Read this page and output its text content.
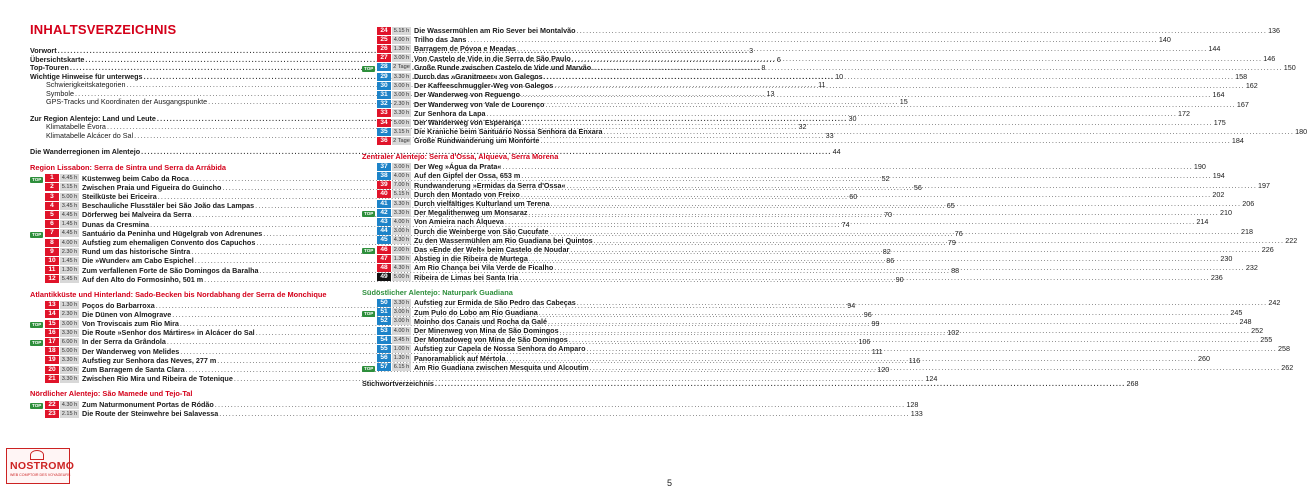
INHALTSVERZEICHNIS
Vorwort .....	3
Übersichtskarte .....	6
Top-Touren .....	8
Wichtige Hinweise für unterwegs .....	10
Schwierigkeitskategorien .....	11
Symbole .....	13
GPS-Tracks und Koordinaten der Ausgangspunkte .....	15
Zur Region Alentejo: Land und Leute .....	30
Klimatabelle Évora .....	32
Klimatabelle Alcácer do Sal .....	33
Die Wanderregionen im Alentejo .....	44
Region Lissabon: Serra de Sintra und Serra da Arrábida
TOP	1	4.45 h Küstenweg beim Cabo da Roca .....	52
2	5.15 h Zwischen Praia und Figueira do Guincho .....	56
3	5.00 h Steilküste bei Ericeira .....	60
4	3.45 h Beschauliche Flusstäler bei São João das Lampas .....	65
5	4.45 h Dörferweg bei Malveira da Serra .....	70
6	1.45 h Dunas da Cresmina .....	74
TOP	7	4.45 h Santuário da Peninha und Hügelgrab von Adrenunes .....	76
8	4.00 h Aufstieg zum ehemaligen Convento dos Capuchos .....	79
9	2.30 h Rund um das historische Sintra .....	82
10	1.45 h Die »Wunder« am Cabo Espichel .....	86
11	1.30 h Zum verfallenen Forte de São Domingos da Baralha .....	88
12	5.45 h Auf den Alto do Formosinho, 501 m .....	90
Atlantikküste und Hinterland: Sado-Becken bis Nordabhang der Serra de Monchique
13	1.30 h Poços do Barbarroxa .....	94
14	2.30 h Die Dünen von Almograve .....	96
TOP	15	3.00 h Von Troviscais zum Rio Mira .....	99
16	3.30 h Die Route »Senhor dos Mártires« in Alcácer do Sal .....	102
TOP	17	6.00 h In der Serra da Grândola .....	106
18	5.00 h Der Wanderweg von Melides .....	111
19	3.30 h Aufstieg zur Senhora das Neves, 277 m .....	116
20	3.00 h Zum Barragem de Santa Clara .....	120
21	3.30 h Zwischen Rio Mira und Ribeira de Totenique .....	124
Nördlicher Alentejo: São Mamede und Tejo-Tal
TOP	22	4.30 h Zum Naturmonument Portas de Ródão .....	128
23	2.15 h Die Route der Steinwehre bei Salavessa .....	133
24	5.15 h Die Wassermühlen am Rio Sever bei Montalvão .....	136
25	4.00 h Trilho das Jans .....	140
26	1.30 h Barragem de Póvoa e Meadas .....	144
27	3.00 h Von Castelo de Vide in die Serra de São Paulo .....	146
TOP	28 2 Tage Große Runde zwischen Castelo de Vide und Marvão .....	150
29	3.30 h Durch das »Granitmeer« von Galegos .....	158
30	3.00 h Der Kaffeeschmuggler-Weg von Galegos .....	162
31	3.00 h Der Wanderweg von Reguengo .....	164
32	2.30 h Der Wanderweg von Vale de Lourenço .....	167
33	3.30 h Zur Senhora da Lapa .....	172
34	5.00 h Der Wanderweg von Esperança .....	175
35	3.15 h Die Kraniche beim Santuário Nossa Senhora da Enxara .....	180
36 2 Tage Große Rundwanderung um Monforte .....	184
Zentraler Alentejo: Serra d'Ossa, Alqueva, Serra Morena
37	3.00 h Der Weg »Água da Prata« .....	190
38	4.00 h Auf den Gipfel der Ossa, 653 m .....	194
39	7.00 h Rundwanderung »Ermidas da Serra d'Ossa« .....	197
40	5.15 h Durch den Montado von Freixo .....	202
41	3.30 h Durch vielfältiges Kulturland um Terena .....	206
TOP	42	3.30 h Der Megalithenweg um Monsaraz .....	210
43	4.00 h Von Amieira nach Álqueva .....	214
44	3.00 h Durch die Weinberge von São Cucufate .....	218
45	4.30 h Zu den Wassermühlen am Rio Guadiana bei Quintos .....	222
TOP	46	2.00 h Das »Ende der Welt« beim Castelo de Noudar .....	226
47	1.30 h Abstieg in die Ribeira de Murtega .....	230
48	4.30 h Am Rio Chança bei Vila Verde de Ficalho .....	232
49	5.00 h Ribeira de Limas bei Santa Iria .....	236
Südöstlicher Alentejo: Naturpark Guadiana
50	3.30 h Aufstieg zur Ermida de São Pedro das Cabeças .....	242
TOP	51	3.00 h Zum Pulo do Lobo am Rio Guadiana .....	245
52	3.00 h Moinho dos Canais und Rocha da Galé .....	248
53	4.00 h Der Minenweg von Mina de São Domingos .....	252
54	3.45 h Der Montadoweg von Mina de São Domingos .....	255
55	1.00 h Aufstieg zur Capela de Nossa Senhora do Amparo .....	258
56	1.30 h Panoramablick auf Mértola .....	260
TOP	57	6.15 h Am Rio Guadiana zwischen Mesquita und Alcoutim .....	262
Stichwortverzeichnis .....	268
NOSTROMO
WEB COMPTOIR DES VOYAGEURS
5
